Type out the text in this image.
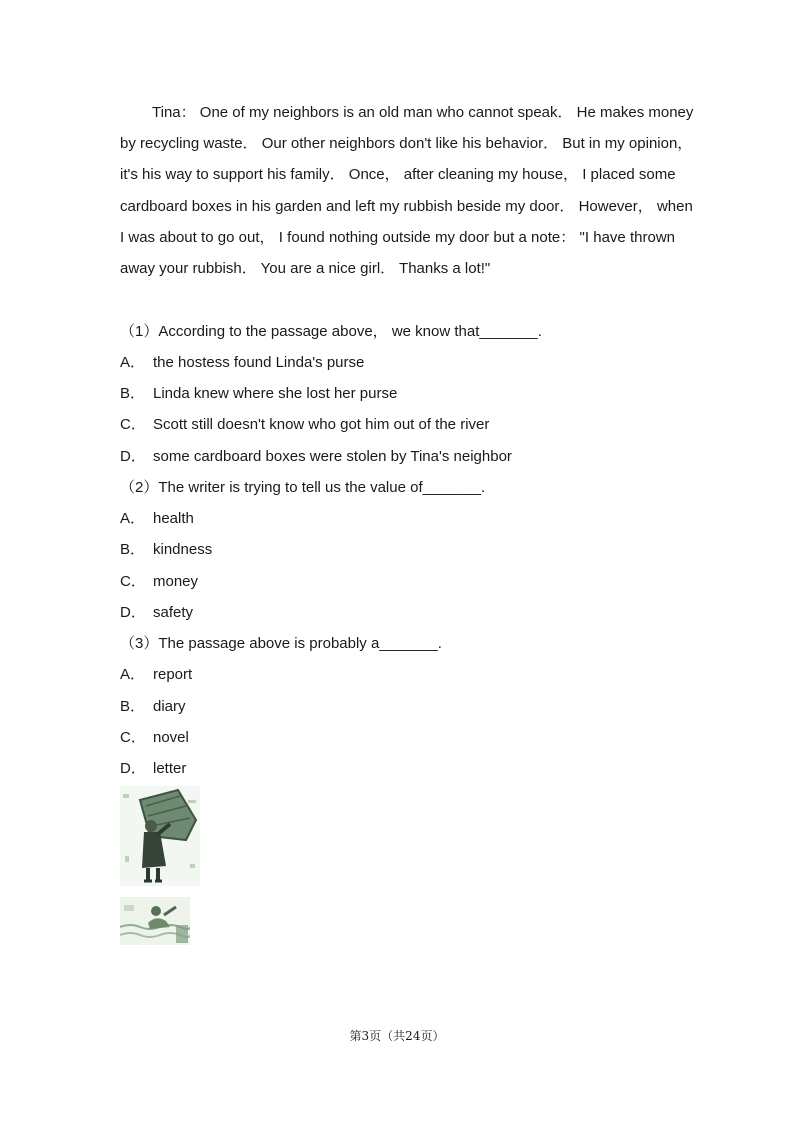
Tina： One of my neighbors is an old man who cannot speak． He makes money
by recycling waste． Our other neighbors don't like his behavior． But in my opinion，
it's his way to support his family． Once， after cleaning my house， I placed some
cardboard boxes in his garden and left my rubbish beside my door． However， when
I was about to go out， I found nothing outside my door but a note： "I have thrown
away your rubbish． You are a nice girl． Thanks a lot!"
（1）According to the passage above， we know that_______.
A． the hostess found Linda's purse
B． Linda knew where she lost her purse
C． Scott still doesn't know who got him out of the river
D． some cardboard boxes were stolen by Tina's neighbor
（2）The writer is trying to tell us the value of_______.
A． health
B． kindness
C． money
D． safety
（3）The passage above is probably a_______.
A． report
B． diary
C． novel
D． letter
第3页（共24页）
